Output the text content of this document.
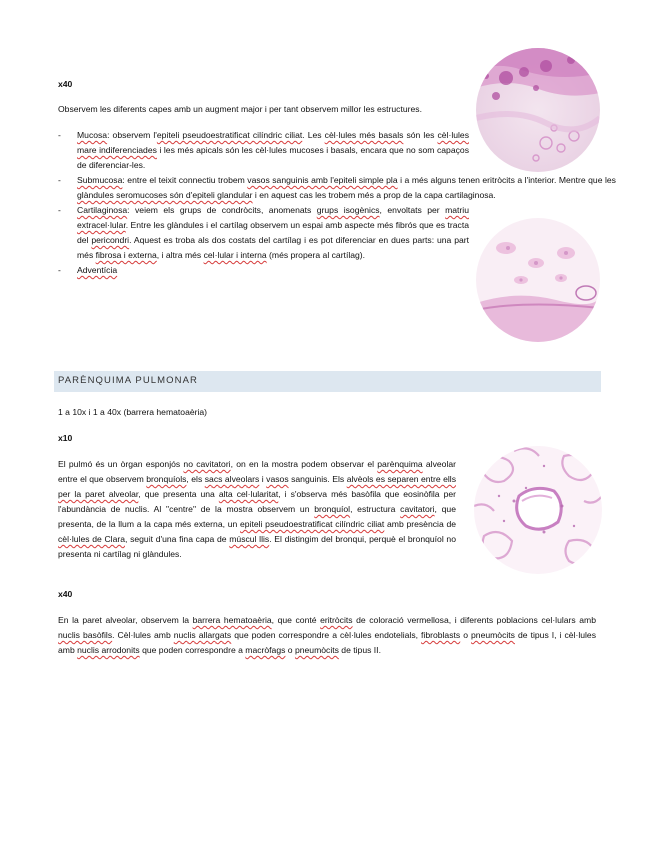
x40
Observem les diferents capes amb un augment major i per tant observem millor les estructures.
- Mucosa: observem l'epiteli pseudoestratificat cilíndric ciliat. Les cèl·lules més basals són les cèl·lules mare indiferenciades i les més apicals són les cèl·lules mucoses i basals, encara que no som capaços de diferenciar-les.
- Submucosa: entre el teixit connectiu trobem vasos sanguinis amb l'epiteli simple pla i a més alguns tenen eritròcits a l'interior. Mentre que les glàndules seromucoses són d'epiteli glandular i en aquest cas les trobem més a prop de la capa cartilaginosa.
- Cartilaginosa: veiem els grups de condròcits, anomenats grups isogènics, envoltats per matriu extracel·lular. Entre les glàndules i el cartílag observem un espai amb aspecte més fibrós que es tracta del pericondri. Aquest es troba als dos costats del cartílag i es pot diferenciar en dues parts: una part més fibrosa i externa, i altra més cel·lular i interna (més propera al cartílag).
- Adventícia
PARÈNQUIMA PULMONAR
1 a 10x i 1 a 40x (barrera hematoaèria)
x10

El pulmó és un òrgan esponjós no cavitatori, on en la mostra podem observar el parènquima alveolar entre el que observem bronquíols, els sacs alveolars i vasos sanguinis. Els alvèols es separen entre ells per la paret alveolar, que presenta una alta cel·lularitat, i s'observa més basòfila que eosinòfila per l'abundància de nuclis. Al "centre" de la mostra observem un bronquíol, estructura cavitatori, que presenta, de la llum a la capa més externa, un epiteli pseudoestratificat cilíndric ciliat amb presència de cèl·lules de Clara, seguit d'una fina capa de múscul llis. El distingim del bronqui, perquè el bronquíol no presenta ni cartílag ni glàndules.

x40

En la paret alveolar, observem la barrera hematoaèria, que conté eritròcits de coloració vermellosa, i diferents poblacions cel·lulars amb nuclis basòfils. Cèl·lules amb nuclis allargats que poden correspondre a cèl·lules endotelials, fibroblasts o pneumòcits de tipus I, i cèl·lules amb nuclis arrodonits que poden correspondre a macròfags o pneumòcits de tipus II.
